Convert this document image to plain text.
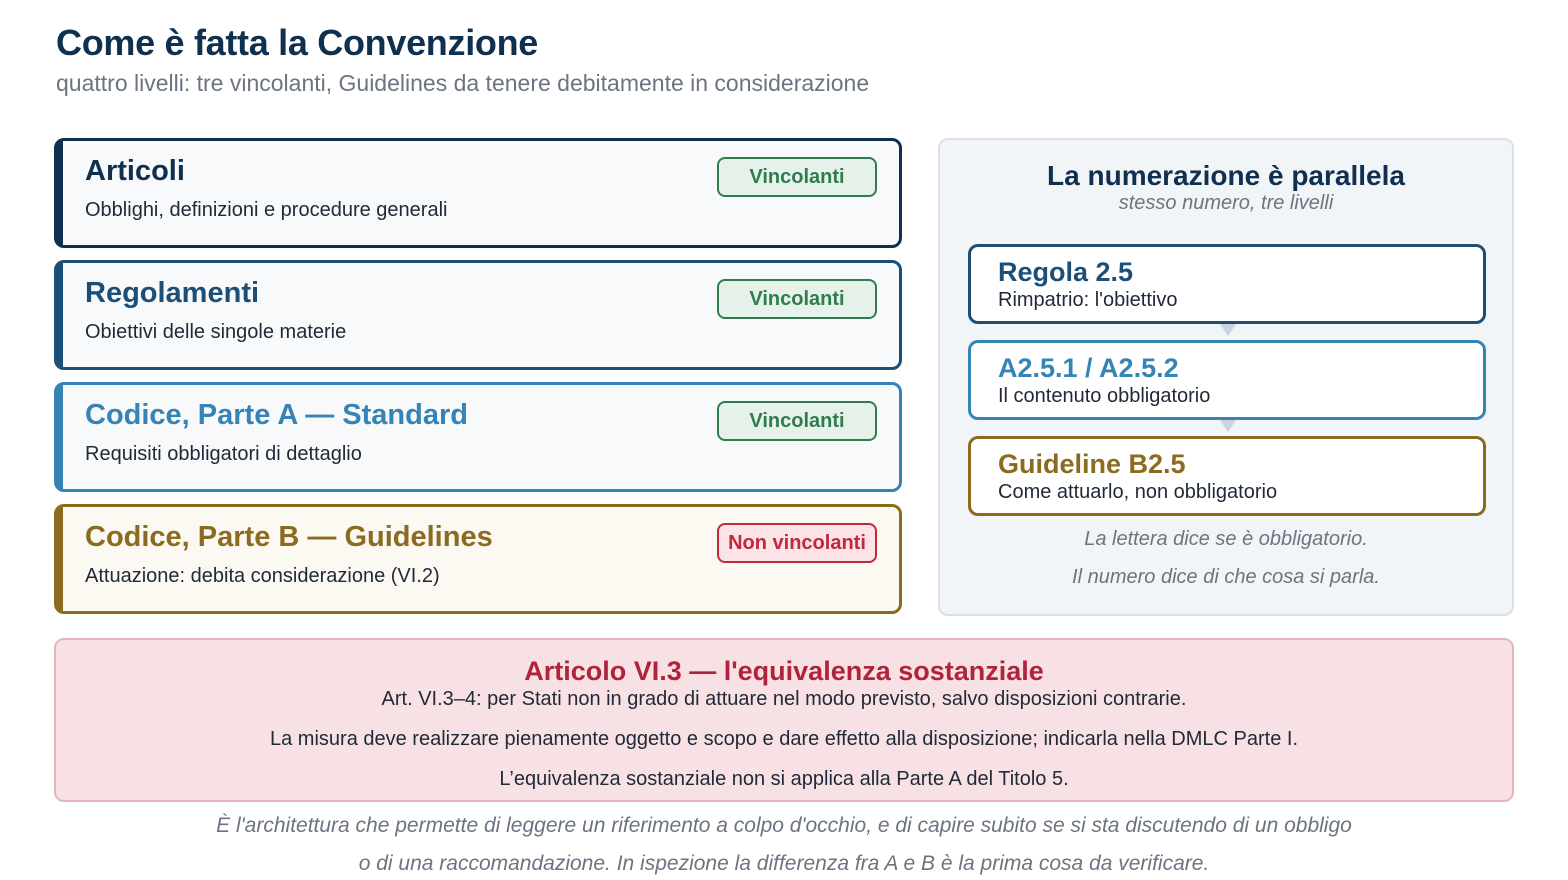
Come è fatta la Convenzione
quattro livelli: tre vincolanti, Guidelines da tenere debitamente in considerazione
Articoli
Obblighi, definizioni e procedure generali
Vincolanti
Regolamenti
Obiettivi delle singole materie
Vincolanti
Codice, Parte A — Standard
Requisiti obbligatori di dettaglio
Vincolanti
Codice, Parte B — Guidelines
Attuazione: debita considerazione (VI.2)
Non vincolanti
La numerazione è parallela
stesso numero, tre livelli
Regola 2.5
Rimpatrio: l'obiettivo
A2.5.1 / A2.5.2
Il contenuto obbligatorio
Guideline B2.5
Come attuarlo, non obbligatorio
La lettera dice se è obbligatorio.
Il numero dice di che cosa si parla.
Articolo VI.3 — l'equivalenza sostanziale
Art. VI.3–4: per Stati non in grado di attuare nel modo previsto, salvo disposizioni contrarie.
La misura deve realizzare pienamente oggetto e scopo e dare effetto alla disposizione; indicarla nella DMLC Parte I.
L’equivalenza sostanziale non si applica alla Parte A del Titolo 5.
È l'architettura che permette di leggere un riferimento a colpo d'occhio, e di capire subito se si sta discutendo di un obbligo
o di una raccomandazione. In ispezione la differenza fra A e B è la prima cosa da verificare.
